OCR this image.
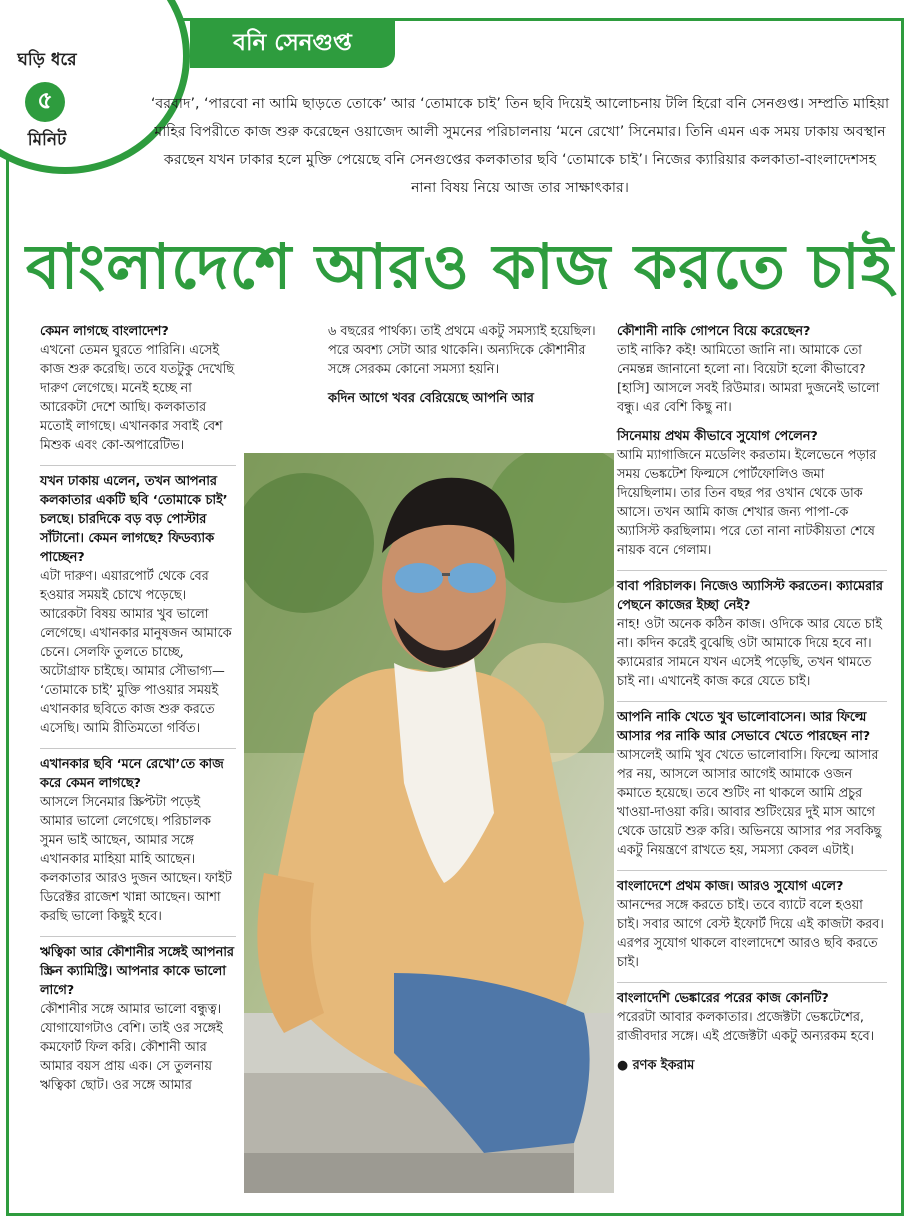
ঘড়ি ধরে
৫
মিনিট
বনি সেনগুপ্ত
‘বরবাদ’, ‘পারবো না আমি ছাড়তে তোকে’ আর ‘তোমাকে চাই’ তিন ছবি দিয়েই আলোচনায় টলি হিরো বনি সেনগুপ্ত। সম্প্রতি মাহিয়া মাহির বিপরীতে কাজ শুরু করেছেন ওয়াজেদ আলী সুমনের পরিচালনায় ‘মনে রেখো’ সিনেমার। তিনি এমন এক সময় ঢাকায় অবস্থান করছেন যখন ঢাকার হলে মুক্তি পেয়েছে বনি সেনগুপ্তের কলকাতার ছবি ‘তোমাকে চাই’। নিজের ক্যারিয়ার কলকাতা-বাংলাদেশসহ নানা বিষয় নিয়ে আজ তার সাক্ষাৎকার।
বাংলাদেশে আরও কাজ করতে চাই
কেমন লাগছে বাংলাদেশ?
এখনো তেমন ঘুরতে পারিনি। এসেই কাজ শুরু করেছি। তবে যতটুকু দেখেছি দারুণ লেগেছে। মনেই হচ্ছে না আরেকটা দেশে আছি। কলকাতার মতোই লাগছে। এখানকার সবাই বেশ মিশুক এবং কো-অপারেটিভ।
যখন ঢাকায় এলেন, তখন আপনার কলকাতার একটি ছবি ‘তোমাকে চাই’ চলছে। চারদিকে বড় বড় পোস্টার সাঁটানো। কেমন লাগছে? ফিডব্যাক পাচ্ছেন?
এটা দারুণ। এয়ারপোর্ট থেকে বের হওয়ার সময়ই চোখে পড়েছে। আরেকটা বিষয় আমার খুব ভালো লেগেছে। এখানকার মানুষজন আমাকে চেনে। সেলফি তুলতে চাচ্ছে, অটোগ্রাফ চাইছে। আমার সৌভাগ্য— ‘তোমাকে চাই’ মুক্তি পাওয়ার সময়ই এখানকার ছবিতে কাজ শুরু করতে এসেছি। আমি রীতিমতো গর্বিত।
এখানকার ছবি ‘মনে রেখো’তে কাজ করে কেমন লাগছে?
আসলে সিনেমার স্ক্রিপ্টটা পড়েই আমার ভালো লেগেছে। পরিচালক সুমন ভাই আছেন, আমার সঙ্গে এখানকার মাহিয়া মাহি আছেন। কলকাতার আরও দুজন আছেন। ফাইট ডিরেক্টর রাজেশ খান্না আছেন। আশা করছি ভালো কিছুই হবে।
ঋত্বিকা আর কৌশানীর সঙ্গেই আপনার স্ক্রিন ক্যামিস্ট্রি। আপনার কাকে ভালো লাগে?
কৌশানীর সঙ্গে আমার ভালো বন্ধুত্ব। যোগাযোগটাও বেশি। তাই ওর সঙ্গেই কমফোর্ট ফিল করি। কৌশানী আর আমার বয়স প্রায় এক। সে তুলনায় ঋত্বিকা ছোট। ওর সঙ্গে আমার
৬ বছরের পার্থক্য। তাই প্রথমে একটু সমস্যাই হয়েছিল। পরে অবশ্য সেটা আর থাকেনি। অন্যদিকে কৌশানীর সঙ্গে সেরকম কোনো সমস্যা হয়নি।
কদিন আগে খবর বেরিয়েছে আপনি আর
কৌশানী নাকি গোপনে বিয়ে করেছেন?
তাই নাকি? কই! আমিতো জানি না। আমাকে তো নেমন্তন্ন জানানো হলো না। বিয়েটা হলো কীভাবে? [হাসি] আসলে সবই রিউমার। আমরা দুজনেই ভালো বন্ধু। এর বেশি কিছু না।
সিনেমায় প্রথম কীভাবে সুযোগ পেলেন?
আমি ম্যাগাজিনে মডেলিং করতাম। ইলেভেনে পড়ার সময় ভেঙ্কটেশ ফিল্মসে পোর্টফোলিও জমা দিয়েছিলাম। তার তিন বছর পর ওখান থেকে ডাক আসে। তখন আমি কাজ শেখার জন্য পাপা-কে অ্যাসিস্ট করছিলাম। পরে তো নানা নাটকীয়তা শেষে নায়ক বনে গেলাম।
বাবা পরিচালক। নিজেও অ্যাসিস্ট করতেন। ক্যামেরার পেছনে কাজের ইচ্ছা নেই?
নাহ! ওটা অনেক কঠিন কাজ। ওদিকে আর যেতে চাই না। কদিন করেই বুঝেছি ওটা আমাকে দিয়ে হবে না। ক্যামেরার সামনে যখন এসেই পড়েছি, তখন থামতে চাই না। এখানেই কাজ করে যেতে চাই।
আপনি নাকি খেতে খুব ভালোবাসেন। আর ফিল্মে আসার পর নাকি আর সেভাবে খেতে পারছেন না?
আসলেই আমি খুব খেতে ভালোবাসি। ফিল্মে আসার পর নয়, আসলে আসার আগেই আমাকে ওজন কমাতে হয়েছে। তবে শুটিং না থাকলে আমি প্রচুর খাওয়া-দাওয়া করি। আবার শুটিংয়ের দুই মাস আগে থেকে ডায়েট শুরু করি। অভিনয়ে আসার পর সবকিছু একটু নিয়ন্ত্রণে রাখতে হয়, সমস্যা কেবল এটাই।
বাংলাদেশে প্রথম কাজ। আরও সুযোগ এলে?
আনন্দের সঙ্গে করতে চাই। তবে ব্যাটে বলে হওয়া চাই। সবার আগে বেস্ট ইফোর্ট দিয়ে এই কাজটা করব। এরপর সুযোগ থাকলে বাংলাদেশে আরও ছবি করতে চাই।
বাংলাদেশি ভেঙ্কারের পরের কাজ কোনটি?
পরেরটা আবার কলকাতার। প্রজেক্টটা ভেঙ্কটেশের, রাজীবদার সঙ্গে। এই প্রজেক্টটা একটু অন্যরকম হবে।
● রণক ইকরাম
